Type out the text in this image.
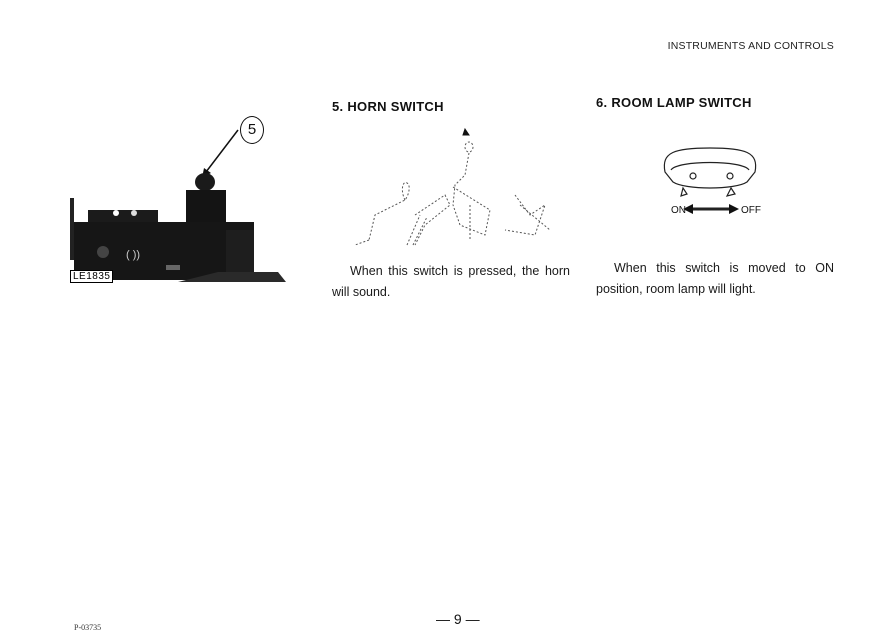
INSTRUMENTS AND CONTROLS
( ))
5
LE1835
5. HORN SWITCH
When this switch is pressed, the horn will sound.
6. ROOM LAMP SWITCH
ON	OFF
When this switch is moved to ON position, room lamp will light.
— 9 —
P-03735
